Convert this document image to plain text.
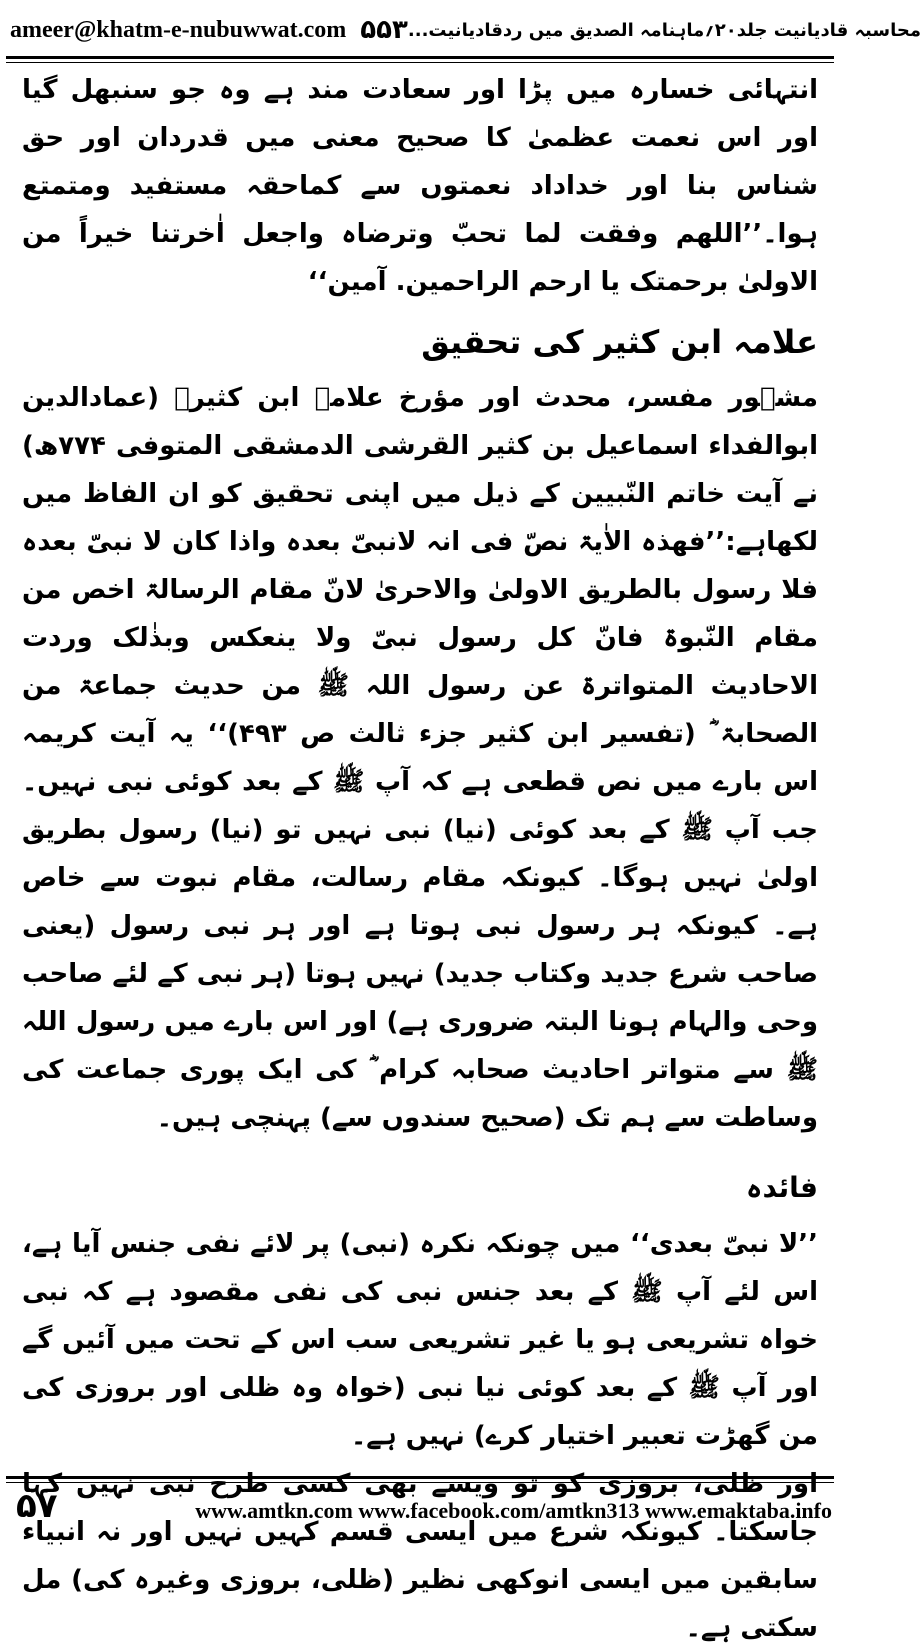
ameer@khatm-e-nubuwwat.com ۵۵۳ محاسبہ قادیانیت جلد۲۰؍ماہنامہ الصدیق میں ردقادیانیت...

انتہائی خسارہ میں پڑا اور سعادت مند ہے وہ جو سنبھل گیا اور اس نعمت عظمیٰ کا صحیح معنی میں قدردان اور حق شناس بنا اور خداداد نعمتوں سے کماحقہ مستفید ومتمتع ہوا۔’’اللھم وفقت لما تحبّ وترضاہ واجعل اٰخرتنا خیراً من الاولیٰ برحمتک یا ارحم الراحمین. آمین‘‘

علامہ ابن کثیر کی تحقیق

مشہور مفسر، محدث اور مؤرخ علامہ ابن کثیرؒ (عمادالدین ابوالفداء اسماعیل بن کثیر القرشی الدمشقی المتوفی ۷۷۴ھ) نے آیت خاتم النّبیین کے ذیل میں اپنی تحقیق کو ان الفاظ میں لکھاہے:’’فھذہ الاٰیۃ نصّ فی انہ لانبیّ بعدہ واذا کان لا نبیّ بعدہ فلا رسول بالطریق الاولیٰ والاحریٰ لانّ مقام الرسالۃ اخص من مقام النّبوۃ فانّ کل رسول نبیّ ولا ینعکس وبذٰلک وردت الاحادیث المتواترۃ عن رسول اللہ ﷺ من حدیث جماعۃ من الصحابۃ ؓ (تفسیر ابن کثیر جزء ثالث ص ۴۹۳)‘‘ یہ آیت کریمہ اس بارے میں نص قطعی ہے کہ آپ ﷺ کے بعد کوئی نبی نہیں۔ جب آپ ﷺ کے بعد کوئی (نیا) نبی نہیں تو (نیا) رسول بطریق اولیٰ نہیں ہوگا۔ کیونکہ مقام رسالت، مقام نبوت سے خاص ہے۔ کیونکہ ہر رسول نبی ہوتا ہے اور ہر نبی رسول (یعنی صاحب شرع جدید وکتاب جدید) نہیں ہوتا (ہر نبی کے لئے صاحب وحی والہام ہونا البتہ ضروری ہے) اور اس بارے میں رسول اللہ ﷺ سے متواتر احادیث صحابہ کرام ؓ کی ایک پوری جماعت کی وساطت سے ہم تک (صحیح سندوں سے) پہنچی ہیں۔

فائدہ

’’لا نبیّ بعدی‘‘ میں چونکہ نکرہ (نبی) پر لائے نفی جنس آیا ہے، اس لئے آپ ﷺ کے بعد جنس نبی کی نفی مقصود ہے کہ نبی خواہ تشریعی ہو یا غیر تشریعی سب اس کے تحت میں آئیں گے اور آپ ﷺ کے بعد کوئی نیا نبی (خواہ وہ ظلی اور بروزی کی من گھڑت تعبیر اختیار کرے) نہیں ہے۔

اور ظلی، بروزی کو تو ویسے بھی کسی طرح نبی نہیں کہا جاسکتا۔ کیونکہ شرع میں ایسی قسم کہیں نہیں اور نہ انبیاء سابقین میں ایسی انوکھی نظیر (ظلی، بروزی وغیرہ کی) مل سکتی ہے۔

۵۷	www.amtkn.com www.facebook.com/amtkn313 www.emaktaba.info
